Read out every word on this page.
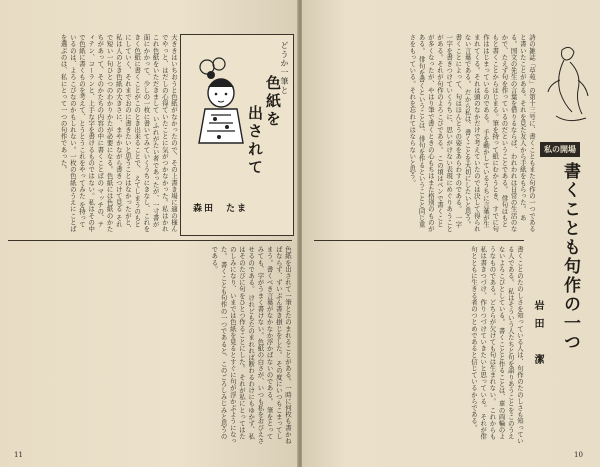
大ききはいちおうと色紙がなかったので、その上書き場に適の様んでやっと、はだしの心得ていたことに気がつかなかった。私はかれこれ色紙をいただきまして いふれがたい者であったが、一寸書が面にかかって、少しの一枚に書いてみていくうちにきなし、これをきく色紙に書くことがこのとき出来ることで、 えてしまうのもとにしていく、それまでおのに書きたいと思うことはなかったがと、私は人のとき色紙の大きさに、まやかながら書きつけて見る それで短い一句ひとつのわかりかたが必要になる。色紙には色紙のかたちがあって、そのかたちの内容の中に書くことばの マッチの、ティテン、コーランと、上手な字を書けるものではない。私はその中で色紙に書くものを考えて、とうとうこれをやってみた を持っているのは、よろこびなのかもしれない。一枚の色紙のうえにことばを選ぶのは、私にとって一つの句作であった。	色紙を
出されて
どうか一筆と
森田　たま
色紙を出されて一筆とたのまれることがある。一時に何枚も書かねばならず、ずいぶん書き損じをした。 その度にいつもこまってしまう。書くべき言葉がなかなか浮かばないのである。 筆をとってみても、字がうまく書けない。色紙の白さが、いつも私をおびえさせるのである。 けれどもたのまれれば断わるわけにもゆかず、私はそのたびに句をひとつ作ることにした。 それが私にとってはたのしみになり、いまでは色紙を見るとすぐに句が浮かぶようになった。 書くことも句作の一つであると、このごろしみじみと思うのである。
11
詩の雑誌「草苑」の第十三号に、書くこともまた句作の一つであると書いたことがある。それを見た友人から手紙をもらった。 ある。国文の先生の言葉を借りるならば、われわれは日常の生活のなかで、たえず句を作っているのだということである。 俳句はもともと書くことからはじまる。筆を持って紙にむかうとき、すでに句作ははじまっているのである。 手を動かしているうちに言葉が生まれてくる。それは頭のなかだけで考えていたのでは決して得られない言葉である。 だから私は、書くことを大切にしたいと思う。書くことによって、句はほんとうの姿をあらわすのである。 一字一字を書きつけていくうちに、思いがけない表現にめぐりあうことがある。それが句作のよろこびである。 この頃はペンで書くことが多くなったが、やはり筆で書くときの心もちはまた格別のものがある。 俳句を書くということは、俳句を作るということと同じ重さをもっている。それを忘れてはならないと思う。	私の開場
書くことも句作の一つ
岩田　潔
書くことのたのしさを知っている人は、句作のたのしさも知っている人である。 私はそういう人たちと句を語りあうことをこのうえないよろこびとしている。 書くことと作ることは、車の両輪のようなものである。どちらが欠けても句は生まれない。 これからも私は書きつづけ、作りつづけていきたいと思っている。 それが俳句とともに生きる者のつとめであると信じているからである。
10
